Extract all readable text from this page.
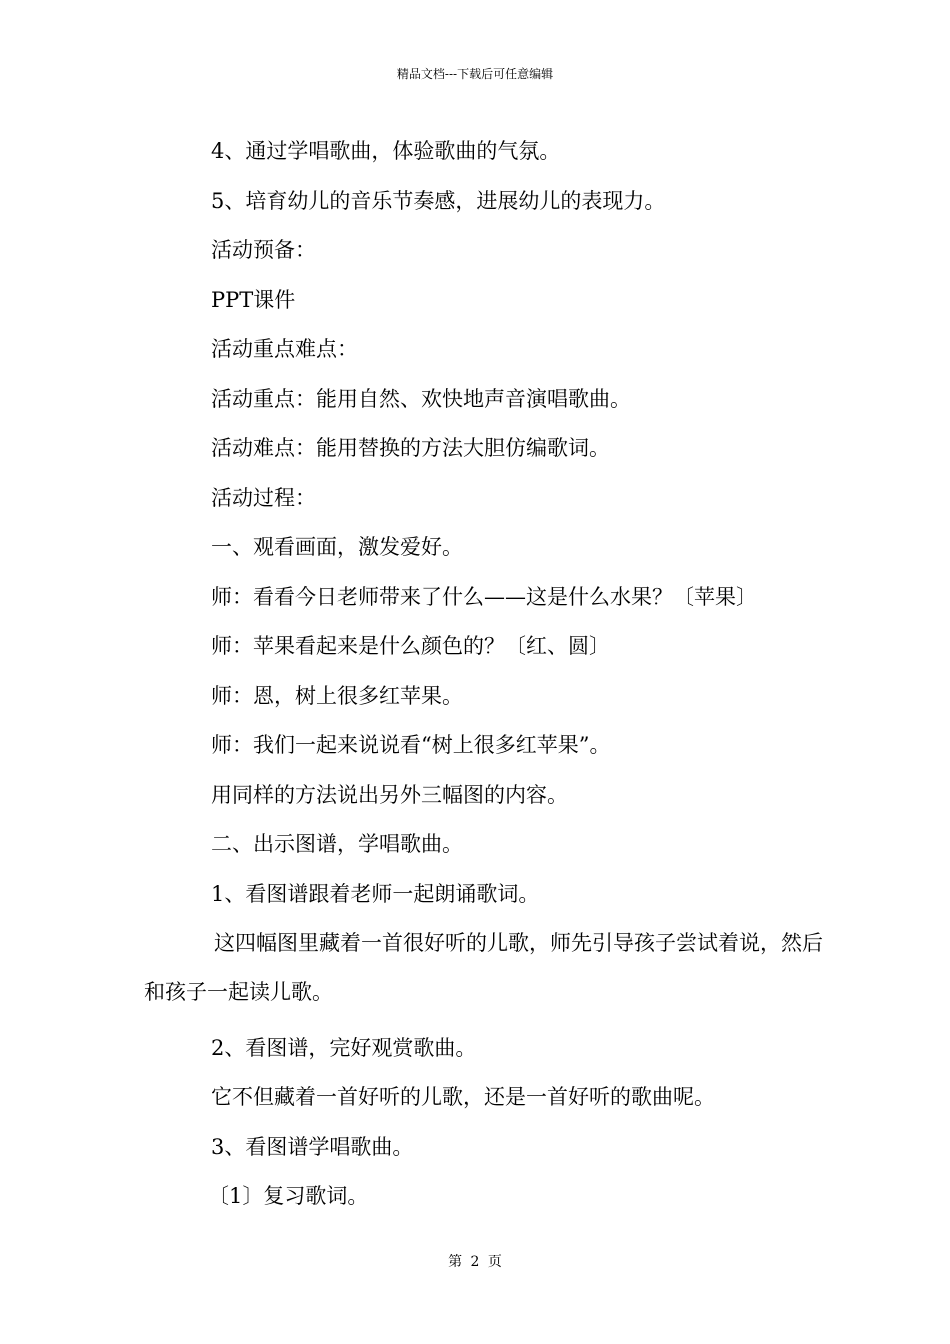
精品文档---下载后可任意编辑

4、通过学唱歌曲，体验歌曲的气氛。

5、培育幼儿的音乐节奏感，进展幼儿的表现力。

活动预备：

PPT课件

活动重点难点：

活动重点：能用自然、欢快地声音演唱歌曲。

活动难点：能用替换的方法大胆仿编歌词。

活动过程：

一、观看画面，激发爱好。

师：看看今日老师带来了什么——这是什么水果？〔苹果〕

师：苹果看起来是什么颜色的？〔红、圆〕

师：恩，树上很多红苹果。

师：我们一起来说说看“树上很多红苹果”。

用同样的方法说出另外三幅图的内容。

二、出示图谱，学唱歌曲。

1、看图谱跟着老师一起朗诵歌词。

这四幅图里藏着一首很好听的儿歌，师先引导孩子尝试着说，然后和孩子一起读儿歌。

2、看图谱，完好观赏歌曲。

它不但藏着一首好听的儿歌，还是一首好听的歌曲呢。

3、看图谱学唱歌曲。

〔1〕复习歌词。

第 2 页
